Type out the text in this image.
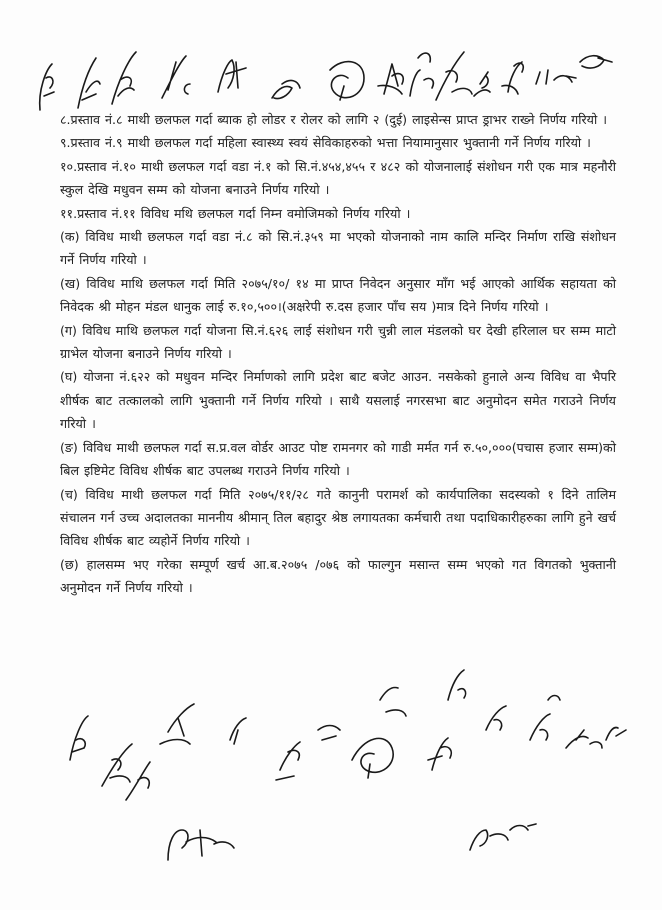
८.प्रस्ताव नं.८ माथी छलफल गर्दा ब्याक हो लोडर र रोलर को लागि २ (दुई) लाइसेन्स प्राप्त ड्राभर राख्ने निर्णय गरियो ।

९.प्रस्ताव नं.९ माथी छलफल गर्दा महिला स्वास्थ्य स्वयं सेविकाहरुको भत्ता नियामानुसार भुक्तानी गर्ने निर्णय गरियो ।

१०.प्रस्ताव नं.१० माथी छलफल गर्दा वडा नं.१ को सि.नं.४५४,४५५ र ४८२ को योजनालाई संशोधन गरी एक मात्र महनौरी स्कुल देखि मधुवन सम्म को योजना बनाउने निर्णय गरियो ।

११.प्रस्ताव नं.११ विविध मथि छलफल गर्दा निम्न वमोजिमको निर्णय गरियो ।

(क) विविध माथी छलफल गर्दा वडा नं.८ को सि.नं.३५९ मा भएको योजनाको नाम कालि मन्दिर निर्माण राखि संशोधन गर्ने निर्णय गरियो ।

(ख) विविध माथि छलफल गर्दा मिति २०७५/१०/ १४ मा प्राप्त निवेदन अनुसार माँग भई आएको आर्थिक सहायता को निवेदक श्री मोहन मंडल धानुक लाई रु.१०,५००।(अक्षरेपी रु.दस हजार पाँच सय )मात्र दिने निर्णय गरियो ।

(ग) विविध माथि छलफल गर्दा योजना सि.नं.६२६ लाई संशोधन गरी चुन्नी लाल मंडलको घर देखी हरिलाल घर सम्म माटो ग्राभेल योजना बनाउने निर्णय गरियो ।

(घ) योजना नं.६२२ को मधुवन मन्दिर निर्माणको लागि प्रदेश बाट बजेट आउन. नसकेको हुनाले अन्य विविध वा भैपरि शीर्षक बाट तत्कालको लागि भुक्तानी गर्ने निर्णय गरियो । साथै यसलाई नगरसभा बाट अनुमोदन समेत गराउने निर्णय गरियो ।

(ङ) विविध माथी छलफल गर्दा स.प्र.वल वोर्डर आउट पोष्ट रामनगर को गाडी मर्मत गर्न रु.५०,०००(पचास हजार सम्म)को बिल इष्टिमेट विविध शीर्षक बाट उपलब्ध गराउने निर्णय गरियो ।

(च) विविध माथी छलफल गर्दा मिति २०७५/११/२८ गते कानुनी परामर्श को कार्यपालिका सदस्यको १ दिने तालिम संचालन गर्न उच्च अदालतका माननीय श्रीमान् तिल बहादुर श्रेष्ठ लगायतका कर्मचारी तथा पदाधिकारीहरुका लागि हुने खर्च विविध शीर्षक बाट व्यहोर्ने निर्णय गरियो ।

(छ) हालसम्म भए गरेका सम्पूर्ण खर्च आ.ब.२०७५ /०७६ को फाल्गुन मसान्त सम्म भएको गत विगतको भुक्तानी अनुमोदन गर्ने निर्णय गरियो ।
